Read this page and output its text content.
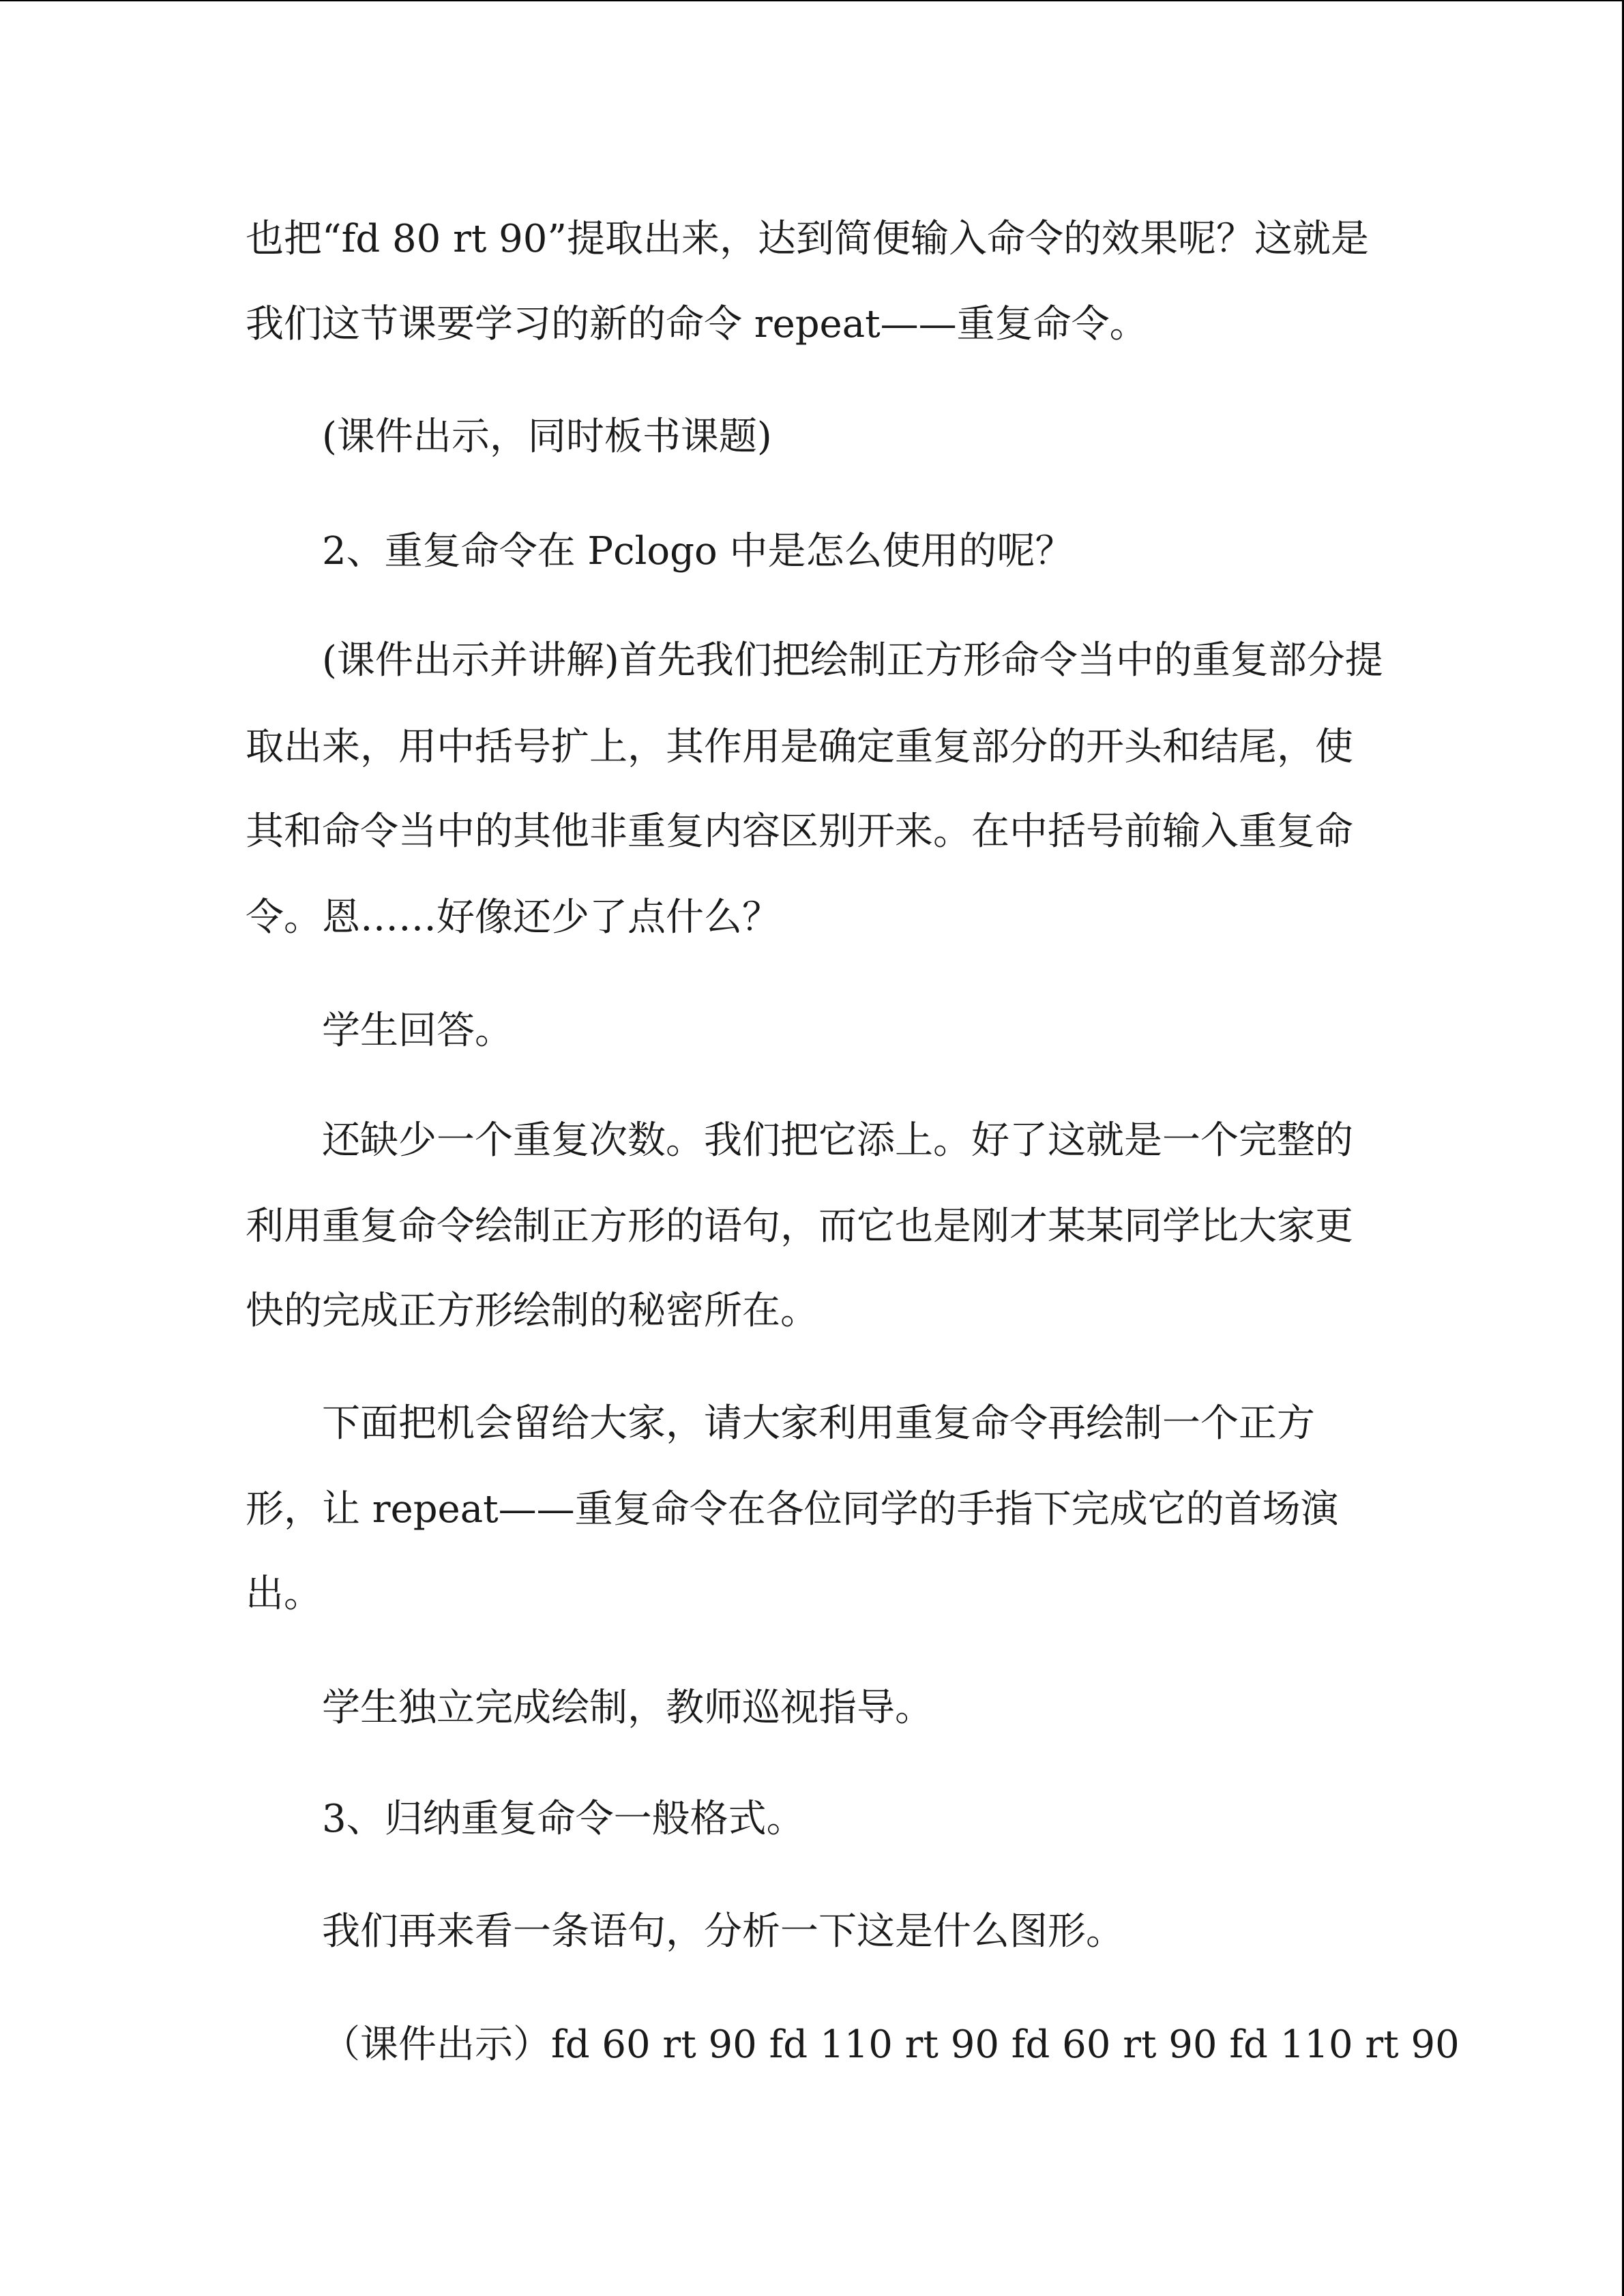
也把“fd 80 rt 90”提取出来，达到简便输入命令的效果呢？这就是

我们这节课要学习的新的命令 repeat——重复命令。

(课件出示，同时板书课题)

2、重复命令在 Pclogo 中是怎么使用的呢？

(课件出示并讲解)首先我们把绘制正方形命令当中的重复部分提

取出来，用中括号扩上，其作用是确定重复部分的开头和结尾，使

其和命令当中的其他非重复内容区别开来。在中括号前输入重复命

令。恩……好像还少了点什么？

学生回答。

还缺少一个重复次数。我们把它添上。好了这就是一个完整的

利用重复命令绘制正方形的语句，而它也是刚才某某同学比大家更

快的完成正方形绘制的秘密所在。

下面把机会留给大家，请大家利用重复命令再绘制一个正方

形，让 repeat——重复命令在各位同学的手指下完成它的首场演

出。

学生独立完成绘制，教师巡视指导。

3、归纳重复命令一般格式。

我们再来看一条语句，分析一下这是什么图形。

（课件出示）fd 60 rt 90 fd 110 rt 90 fd 60 rt 90 fd 110 rt 90
